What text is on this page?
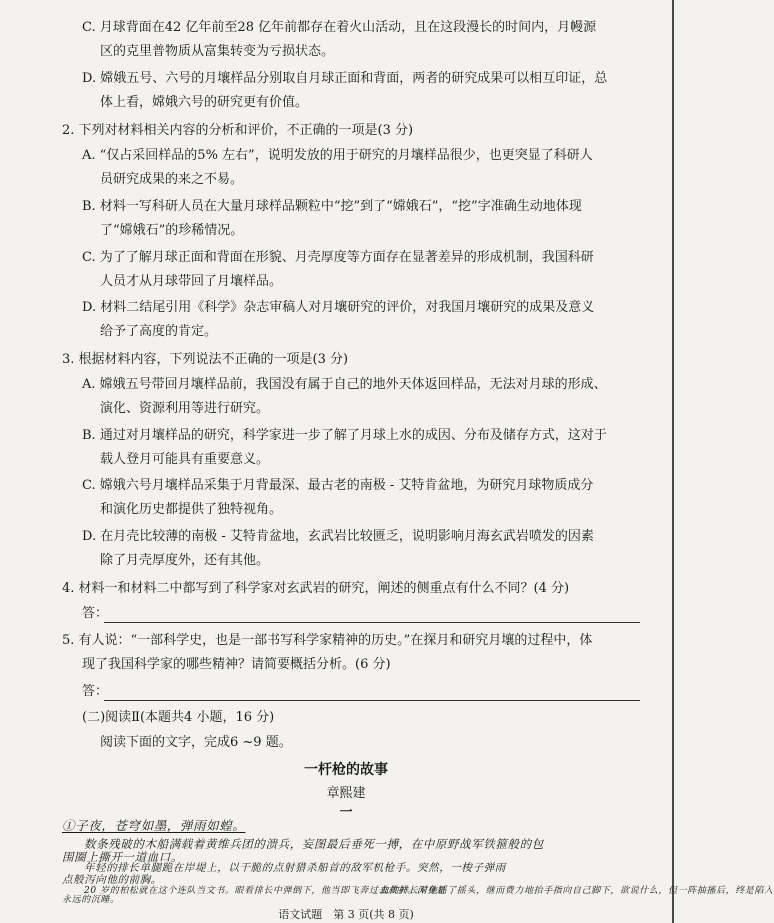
C. 月球背面在42 亿年前至28 亿年前都存在着火山活动，且在这段漫长的时间内，月幔源
区的克里普物质从富集转变为亏损状态。
D. 嫦娥五号、六号的月壤样品分别取自月球正面和背面，两者的研究成果可以相互印证，总
体上看，嫦娥六号的研究更有价值。
2. 下列对材料相关内容的分析和评价，不正确的一项是(3 分)
A. “仅占采回样品的5% 左右”，说明发放的用于研究的月壤样品很少，也更突显了科研人
员研究成果的来之不易。
B. 材料一写科研人员在大量月球样品颗粒中“挖”到了“嫦娥石”，“挖”字准确生动地体现
了“嫦娥石”的珍稀情况。
C. 为了了解月球正面和背面在形貌、月壳厚度等方面存在显著差异的形成机制，我国科研
人员才从月球带回了月壤样品。
D. 材料二结尾引用《科学》杂志审稿人对月壤研究的评价，对我国月壤研究的成果及意义
给予了高度的肯定。
3. 根据材料内容，下列说法不正确的一项是(3 分)
A. 嫦娥五号带回月壤样品前，我国没有属于自己的地外天体返回样品，无法对月球的形成、
演化、资源利用等进行研究。
B. 通过对月壤样品的研究，科学家进一步了解了月球上水的成因、分布及储存方式，这对于
载人登月可能具有重要意义。
C. 嫦娥六号月壤样品采集于月背最深、最古老的南极 - 艾特肯盆地，为研究月球物质成分
和演化历史都提供了独特视角。
D. 在月壳比较薄的南极 - 艾特肯盆地，玄武岩比较匮乏，说明影响月海玄武岩喷发的因素
除了月壳厚度外，还有其他。
4. 材料一和材料二中都写到了科学家对玄武岩的研究，阐述的侧重点有什么不同？(4 分)
答：
5. 有人说：“一部科学史，也是一部书写科学家精神的历史。”在探月和研究月壤的过程中，体
现了我国科学家的哪些精神？请简要概括分析。(6 分)
答：
(二)阅读Ⅱ(本题共4 小题，16 分)
阅读下面的文字，完成6 ~9 题。
一杆枪的故事
章熙建
一
①子夜，苍穹如墨，弹雨如蝗。
数条残破的木船满载着黄维兵团的溃兵，妄图最后垂死一搏，在中原野战军铁箍般的包
围圈上撕开一道血口。
年轻的排长单腿跪在岸堤上，以干脆的点射猎杀船首的敌军机枪手。突然，一梭子弹雨
点般泻向他的前胸。
20 岁的柏松就在这个连队当文书。眼看排长中弹倒下，他当即飞奔过去救护。浑身是
血的排长对他摇了摇头，继而费力地抬手指向自己脚下，欲说什么，但一阵抽搐后，终是陷入
永远的沉睡。
语文试题　第 3 页(共 8 页)
